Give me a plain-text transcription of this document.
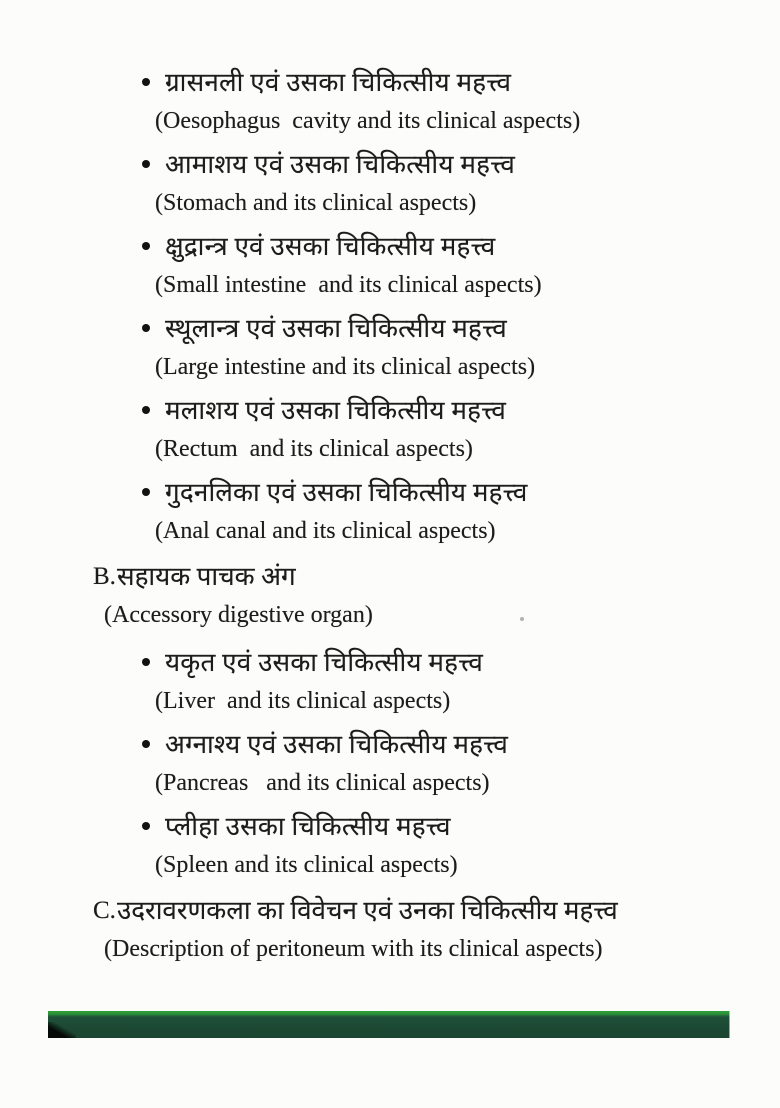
ग्रासनली एवं उसका चिकित्सीय महत्त्व
(Oesophagus  cavity and its clinical aspects)
आमाशय एवं उसका चिकित्सीय महत्त्व
(Stomach and its clinical aspects)
क्षुद्रान्त्र एवं उसका चिकित्सीय महत्त्व
(Small intestine  and its clinical aspects)
स्थूलान्त्र एवं उसका चिकित्सीय महत्त्व
(Large intestine and its clinical aspects)
मलाशय एवं उसका चिकित्सीय महत्त्व
(Rectum  and its clinical aspects)
गुदनलिका एवं उसका चिकित्सीय महत्त्व
(Anal canal and its clinical aspects)
B. सहायक पाचक अंग
(Accessory digestive organ)
यकृत एवं उसका चिकित्सीय महत्त्व
(Liver  and its clinical aspects)
अग्नाश्य एवं उसका चिकित्सीय महत्त्व
(Pancreas   and its clinical aspects)
प्लीहा उसका चिकित्सीय महत्त्व
(Spleen and its clinical aspects)
C. उदरावरणकला का विवेचन एवं उनका चिकित्सीय महत्त्व
(Description of peritoneum with its clinical aspects)
